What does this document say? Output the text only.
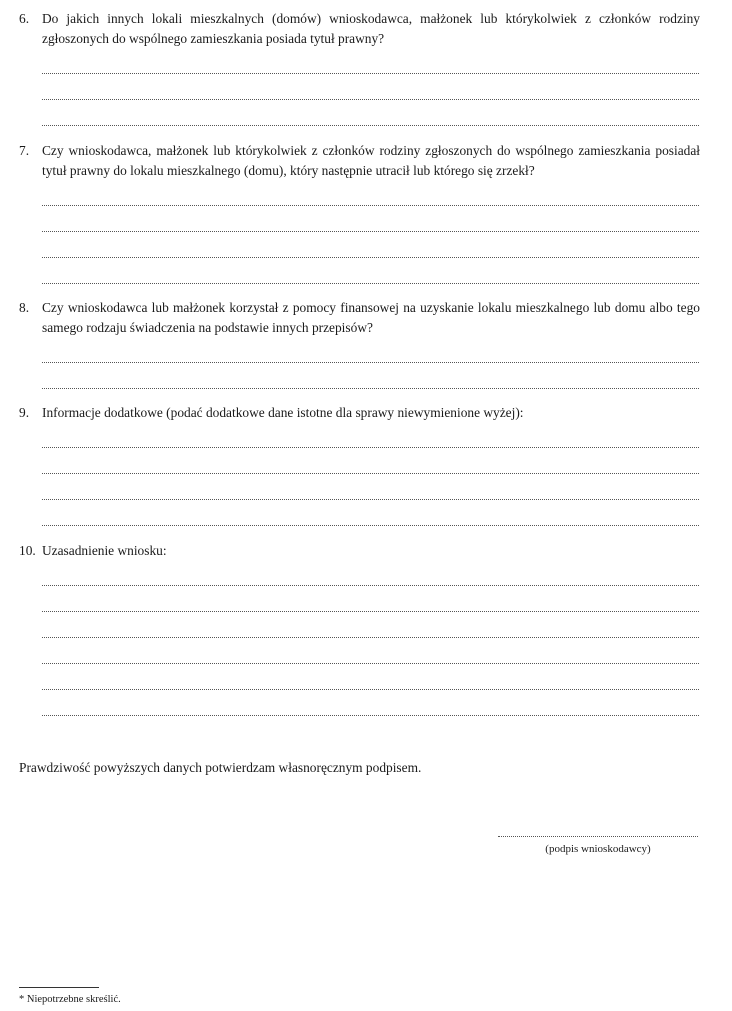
6. Do jakich innych lokali mieszkalnych (domów) wnioskodawca, małżonek lub którykolwiek z członków rodziny zgłoszonych do wspólnego zamieszkania posiada tytuł prawny?
7. Czy wnioskodawca, małżonek lub którykolwiek z członków rodziny zgłoszonych do wspólnego zamieszkania posiadał tytuł prawny do lokalu mieszkalnego (domu), który następnie utracił lub którego się zrzekł?
8. Czy wnioskodawca lub małżonek korzystał z pomocy finansowej na uzyskanie lokalu mieszkalnego lub domu albo tego samego rodzaju świadczenia na podstawie innych przepisów?
9. Informacje dodatkowe (podać dodatkowe dane istotne dla sprawy niewymienione wyżej):
10. Uzasadnienie wniosku:
Prawdziwość powyższych danych potwierdzam własnoręcznym podpisem.
(podpis wnioskodawcy)
* Niepotrzebne skreślić.
